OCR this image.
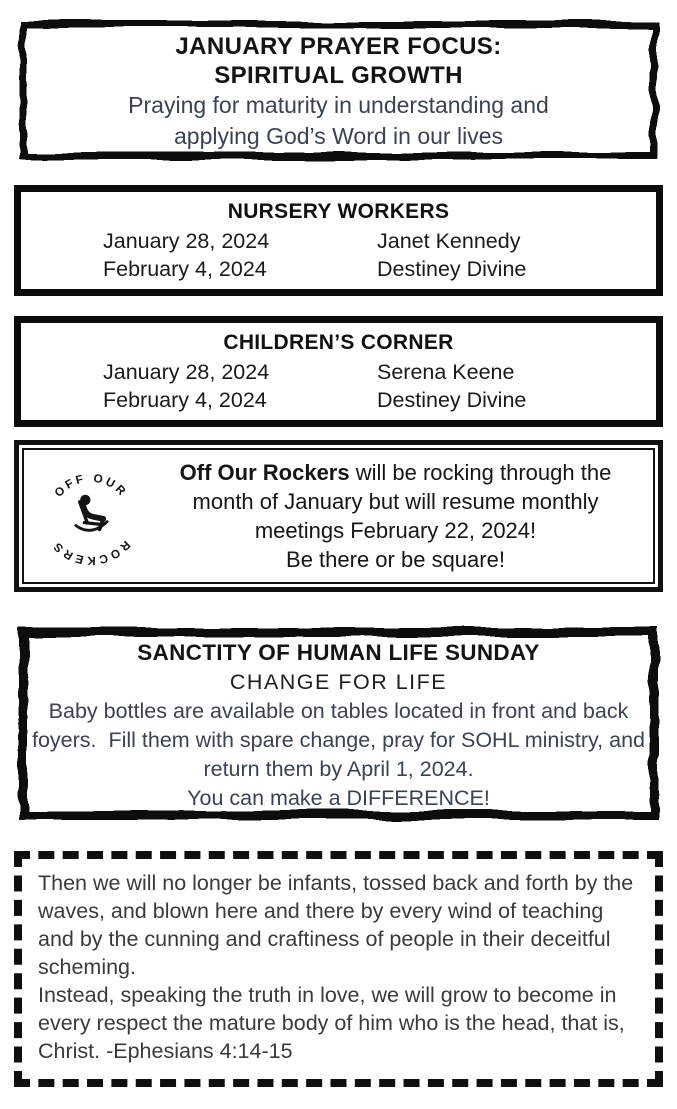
JANUARY PRAYER FOCUS:
SPIRITUAL GROWTH
Praying for maturity in understanding and
applying God’s Word in our lives
NURSERY WORKERS
January 28, 2024	Janet Kennedy
February 4, 2024	Destiney Divine
CHILDREN’S CORNER
January 28, 2024	Serena Keene
February 4, 2024	Destiney Divine
OFF OUR
ROCKERS

Off Our Rockers will be rocking through the month of January but will resume monthly meetings February 22, 2024!

Be there or be square!

SANCTITY OF HUMAN LIFE SUNDAY
CHANGE FOR LIFE

Baby bottles are available on tables located in front and back foyers.  Fill them with spare change, pray for SOHL ministry, and return them by April 1, 2024.

You can make a DIFFERENCE!

Then we will no longer be infants, tossed back and forth by the waves, and blown here and there by every wind of teaching and by the cunning and craftiness of people in their deceitful scheming.

Instead, speaking the truth in love, we will grow to become in every respect the mature body of him who is the head, that is, Christ. -Ephesians 4:14-15
